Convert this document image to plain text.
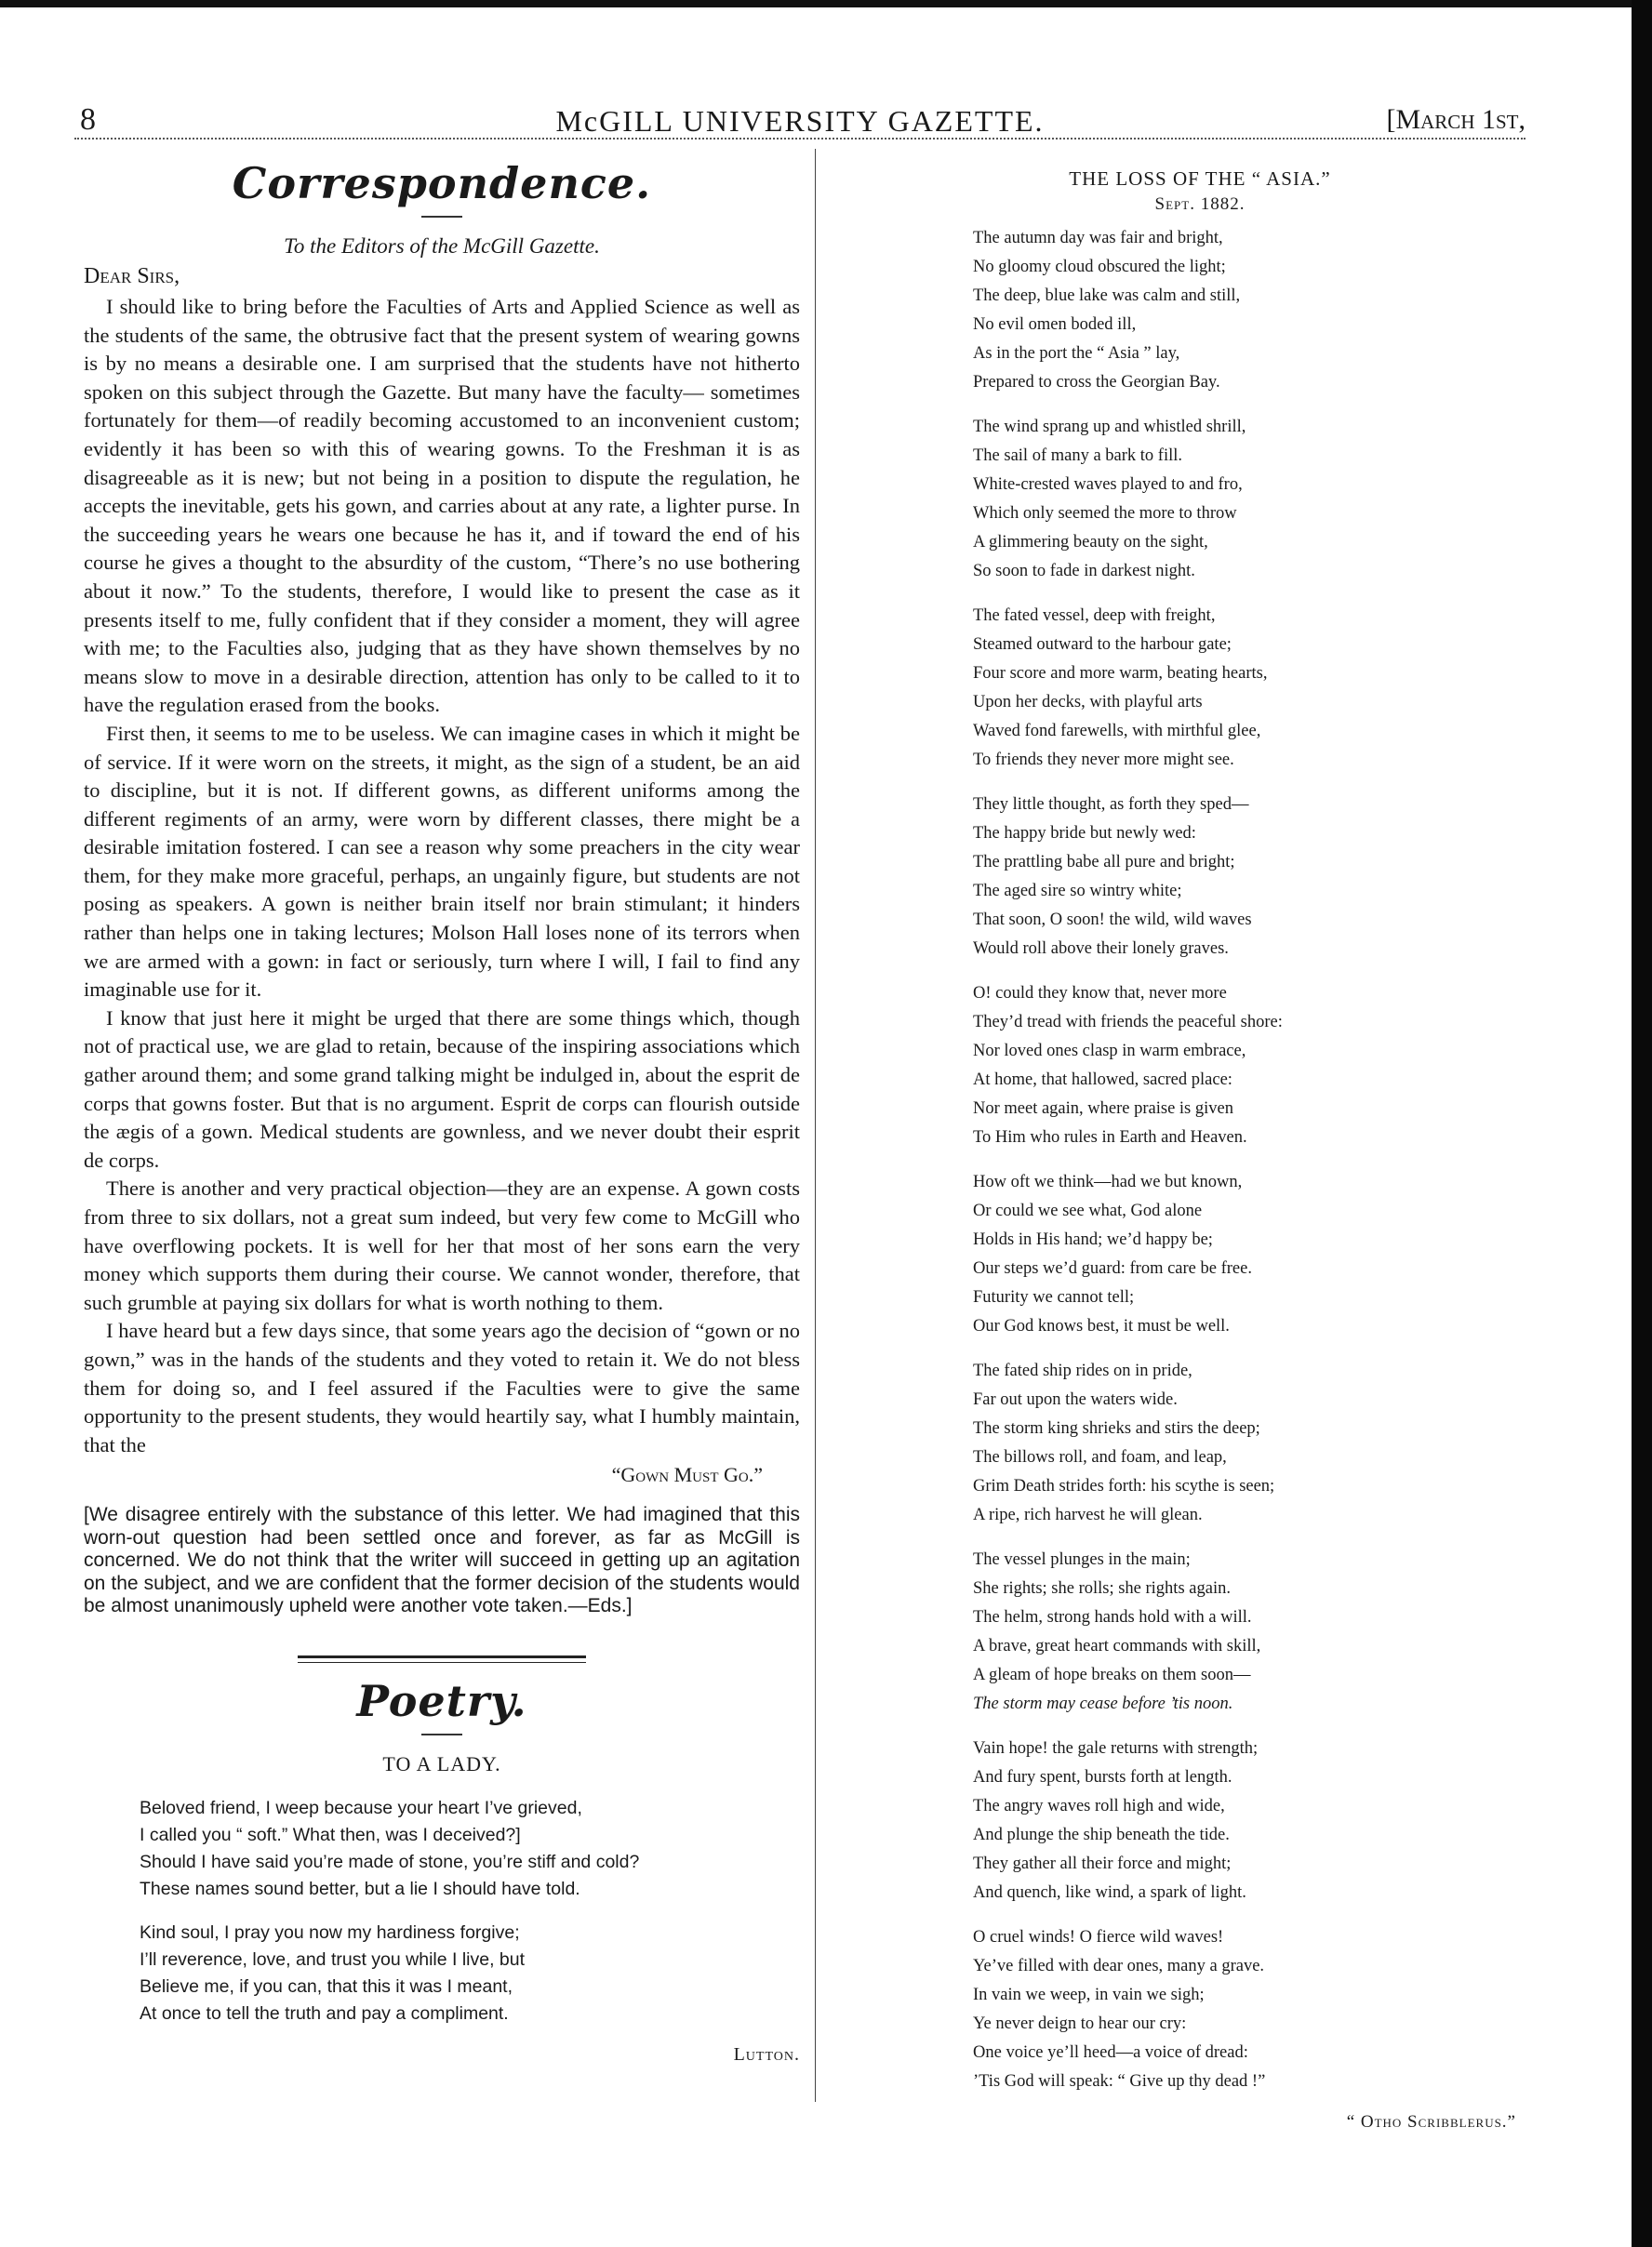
8	McGILL UNIVERSITY GAZETTE.	[March 1st,
Correspondence.
To the Editors of the McGill Gazette.
Dear Sirs,

I should like to bring before the Faculties of Arts and Applied Science as well as the students of the same, the obtrusive fact that the present system of wearing gowns is by no means a desirable one. I am surprised that the students have not hitherto spoken on this subject through the Gazette. But many have the faculty— sometimes fortunately for them—of readily becoming accustomed to an inconvenient custom; evidently it has been so with this of wearing gowns. To the Freshman it is as disagreeable as it is new; but not being in a position to dispute the regulation, he accepts the inevitable, gets his gown, and carries about at any rate, a lighter purse. In the succeeding years he wears one because he has it, and if toward the end of his course he gives a thought to the absurdity of the custom, “There’s no use bothering about it now.” To the students, therefore, I would like to present the case as it presents itself to me, fully confident that if they consider a moment, they will agree with me; to the Faculties also, judging that as they have shown themselves by no means slow to move in a desirable direction, attention has only to be called to it to have the regulation erased from the books.

First then, it seems to me to be useless. We can imagine cases in which it might be of service. If it were worn on the streets, it might, as the sign of a student, be an aid to discipline, but it is not. If different gowns, as different uniforms among the different regiments of an army, were worn by different classes, there might be a desirable imitation fostered. I can see a reason why some preachers in the city wear them, for they make more graceful, perhaps, an ungainly figure, but students are not posing as speakers. A gown is neither brain itself nor brain stimulant; it hinders rather than helps one in taking lectures; Molson Hall loses none of its terrors when we are armed with a gown: in fact or seriously, turn where I will, I fail to find any imaginable use for it.

I know that just here it might be urged that there are some things which, though not of practical use, we are glad to retain, because of the inspiring associations which gather around them; and some grand talking might be indulged in, about the esprit de corps that gowns foster. But that is no argument. Esprit de corps can flourish outside the ægis of a gown. Medical students are gownless, and we never doubt their esprit de corps.

There is another and very practical objection—they are an expense. A gown costs from three to six dollars, not a great sum indeed, but very few come to McGill who have overflowing pockets. It is well for her that most of her sons earn the very money which supports them during their course. We cannot wonder, therefore, that such grumble at paying six dollars for what is worth nothing to them.

I have heard but a few days since, that some years ago the decision of “gown or no gown,” was in the hands of the students and they voted to retain it. We do not bless them for doing so, and I feel assured if the Faculties were to give the same opportunity to the present students, they would heartily say, what I humbly maintain, that the

“Gown Must Go.”
[We disagree entirely with the substance of this letter. We had imagined that this worn-out question had been settled once and forever, as far as McGill is concerned. We do not think that the writer will succeed in getting up an agitation on the subject, and we are confident that the former decision of the students would be almost unanimously upheld were another vote taken.—Eds.]
Poetry.
TO A LADY.
Beloved friend, I weep because your heart I’ve grieved,
I called you “ soft.” What then, was I deceived?]
Should I have said you’re made of stone, you’re stiff and cold?
These names sound better, but a lie I should have told.
Kind soul, I pray you now my hardiness forgive;
I’ll reverence, love, and trust you while I live, but
Believe me, if you can, that this it was I meant,
At once to tell the truth and pay a compliment.
Lutton.
THE LOSS OF THE “ ASIA.”
Sept. 1882.
The autumn day was fair and bright,
No gloomy cloud obscured the light;
The deep, blue lake was calm and still,
No evil omen boded ill,
As in the port the “ Asia ” lay,
Prepared to cross the Georgian Bay.
The wind sprang up and whistled shrill,
The sail of many a bark to fill.
White-crested waves played to and fro,
Which only seemed the more to throw
A glimmering beauty on the sight,
So soon to fade in darkest night.
The fated vessel, deep with freight,
Steamed outward to the harbour gate;
Four score and more warm, beating hearts,
Upon her decks, with playful arts
Waved fond farewells, with mirthful glee,
To friends they never more might see.
They little thought, as forth they sped—
The happy bride but newly wed:
The prattling babe all pure and bright;
The aged sire so wintry white;
That soon, O soon! the wild, wild waves
Would roll above their lonely graves.
O! could they know that, never more
They’d tread with friends the peaceful shore:
Nor loved ones clasp in warm embrace,
At home, that hallowed, sacred place:
Nor meet again, where praise is given
To Him who rules in Earth and Heaven.
How oft we think—had we but known,
Or could we see what, God alone
Holds in His hand; we’d happy be;
Our steps we’d guard: from care be free.
Futurity we cannot tell;
Our God knows best, it must be well.
The fated ship rides on in pride,
Far out upon the waters wide.
The storm king shrieks and stirs the deep;
The billows roll, and foam, and leap,
Grim Death strides forth: his scythe is seen;
A ripe, rich harvest he will glean.
The vessel plunges in the main;
She rights; she rolls; she rights again.
The helm, strong hands hold with a will.
A brave, great heart commands with skill,
A gleam of hope breaks on them soon—
The storm may cease before ’tis noon.
Vain hope! the gale returns with strength;
And fury spent, bursts forth at length.
The angry waves roll high and wide,
And plunge the ship beneath the tide.
They gather all their force and might;
And quench, like wind, a spark of light.
O cruel winds! O fierce wild waves!
Ye’ve filled with dear ones, many a grave.
In vain we weep, in vain we sigh;
Ye never deign to hear our cry:
One voice ye’ll heed—a voice of dread:
’Tis God will speak: “ Give up thy dead !”
“ Otho Scribblerus.”
